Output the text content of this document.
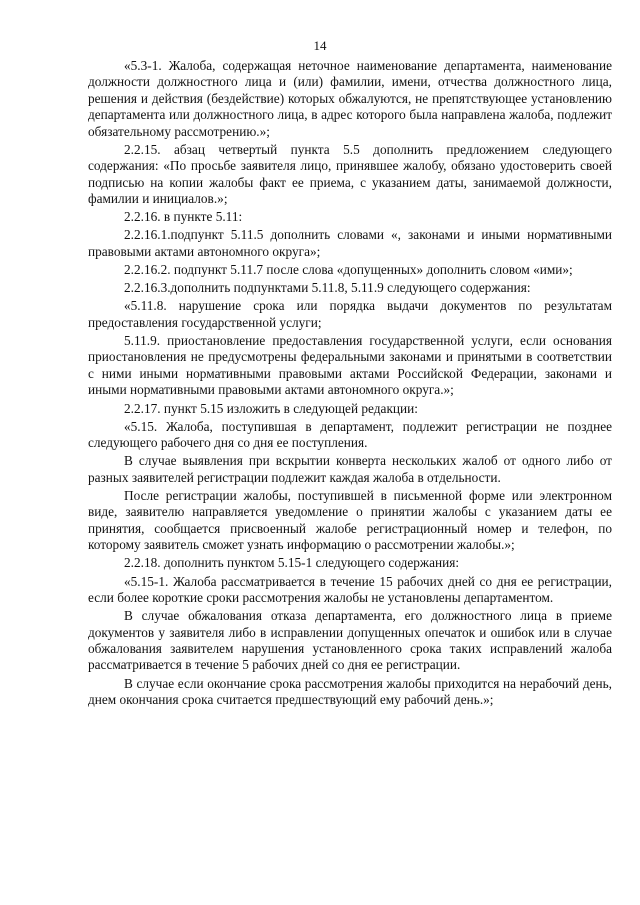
14

«5.3-1. Жалоба, содержащая неточное наименование департамента, наименование должности должностного лица и (или) фамилии, имени, отчества должностного лица, решения и действия (бездействие) которых обжалуются, не препятствующее установлению департамента или должностного лица, в адрес которого была направлена жалоба, подлежит обязательному рассмотрению.»;

2.2.15. абзац четвертый пункта 5.5 дополнить предложением следующего содержания: «По просьбе заявителя лицо, принявшее жалобу, обязано удостоверить своей подписью на копии жалобы факт ее приема, с указанием даты, занимаемой должности, фамилии и инициалов.»;

2.2.16. в пункте 5.11:

2.2.16.1.подпункт 5.11.5 дополнить словами «, законами и иными нормативными правовыми актами автономного округа»;

2.2.16.2. подпункт 5.11.7 после слова «допущенных» дополнить словом «ими»;

2.2.16.3.дополнить подпунктами 5.11.8, 5.11.9 следующего содержания:

«5.11.8. нарушение срока или порядка выдачи документов по результатам предоставления государственной услуги;

5.11.9. приостановление предоставления государственной услуги, если основания приостановления не предусмотрены федеральными законами и принятыми в соответствии с ними иными нормативными правовыми актами Российской Федерации, законами и иными нормативными правовыми актами автономного округа.»;

2.2.17. пункт 5.15 изложить в следующей редакции:

«5.15. Жалоба, поступившая в департамент, подлежит регистрации не позднее следующего рабочего дня со дня ее поступления.

В случае выявления при вскрытии конверта нескольких жалоб от одного либо от разных заявителей регистрации подлежит каждая жалоба в отдельности.

После регистрации жалобы, поступившей в письменной форме или электронном виде, заявителю направляется уведомление о принятии жалобы с указанием даты ее принятия, сообщается присвоенный жалобе регистрационный номер и телефон, по которому заявитель сможет узнать информацию о рассмотрении жалобы.»;

2.2.18. дополнить пунктом 5.15-1 следующего содержания:

«5.15-1. Жалоба рассматривается в течение 15 рабочих дней со дня ее регистрации, если более короткие сроки рассмотрения жалобы не установлены департаментом.

В случае обжалования отказа департамента, его должностного лица в приеме документов у заявителя либо в исправлении допущенных опечаток и ошибок или в случае обжалования заявителем нарушения установленного срока таких исправлений жалоба рассматривается в течение 5 рабочих дней со дня ее регистрации.

В случае если окончание срока рассмотрения жалобы приходится на нерабочий день, днем окончания срока считается предшествующий ему рабочий день.»;
